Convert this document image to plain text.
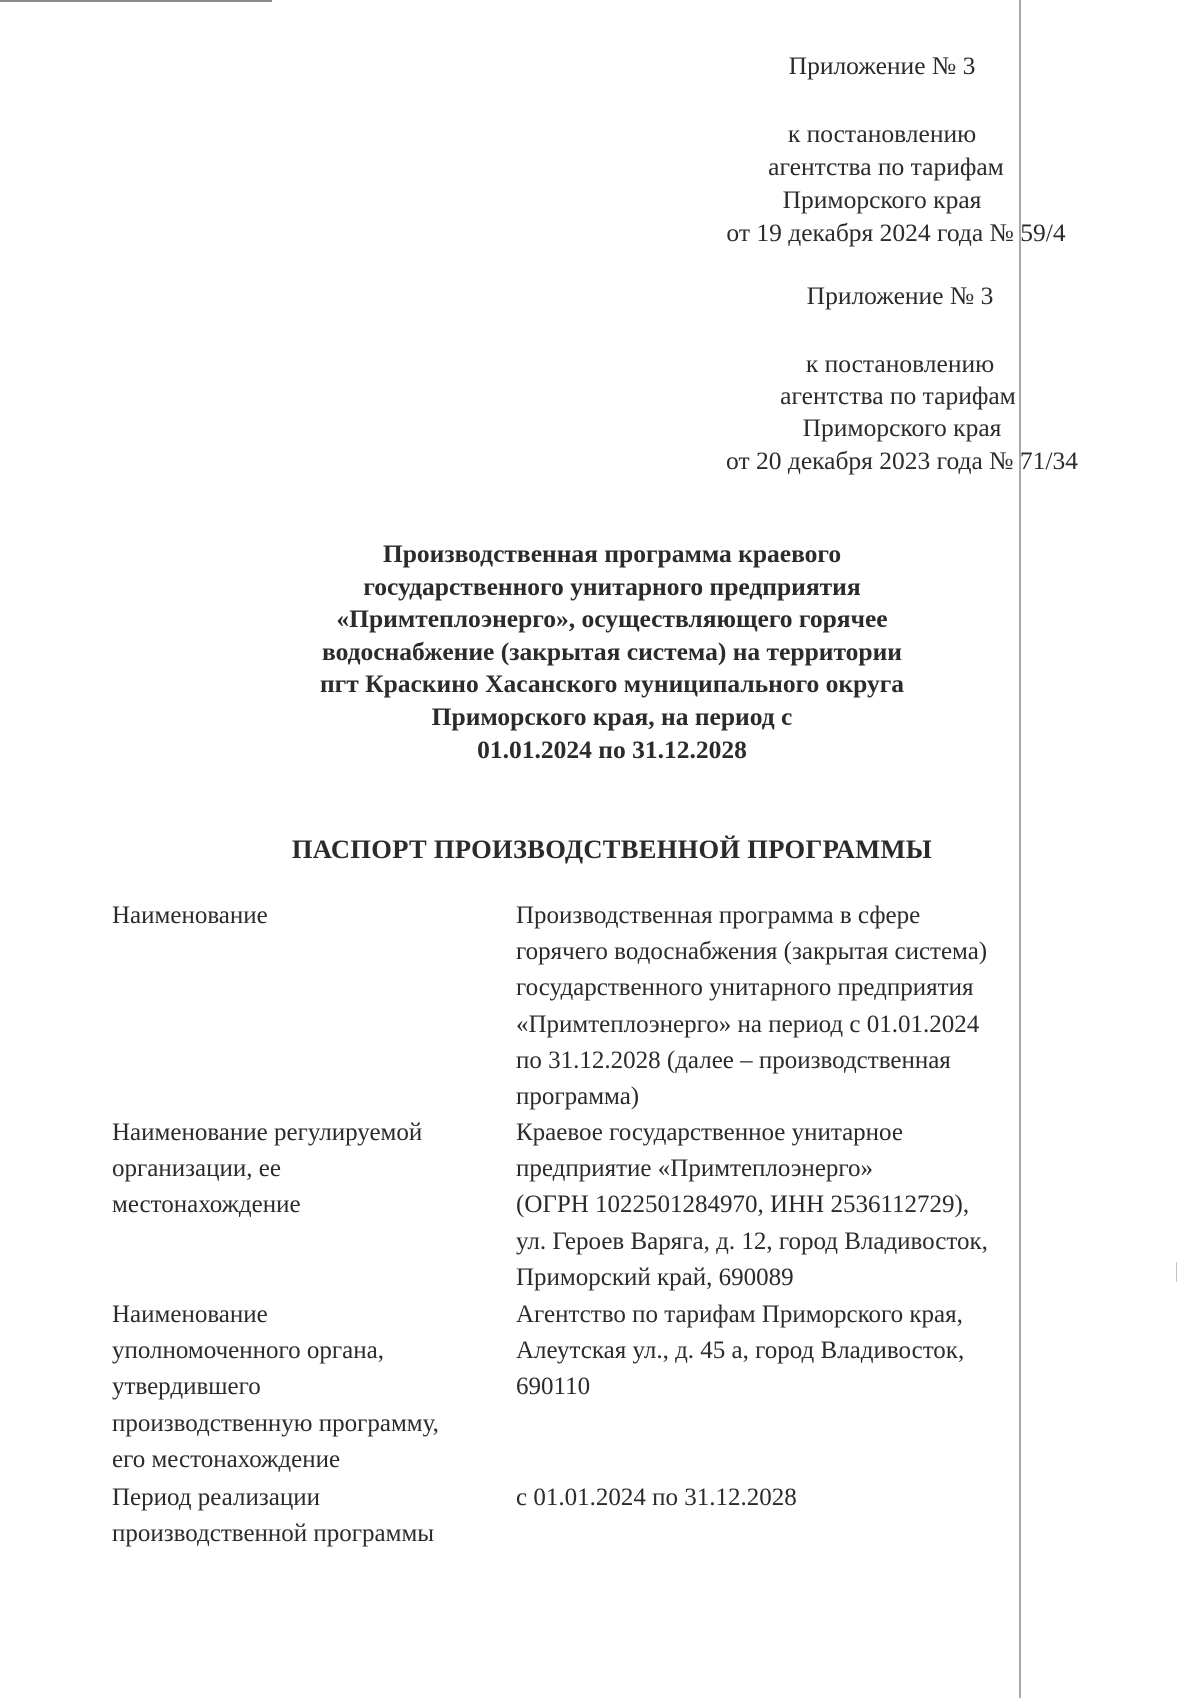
Приложение № 3
к постановлению
агентства по тарифам
Приморского края
от 19 декабря 2024 года № 59/4
Приложение № 3
к постановлению
агентства по тарифам
Приморского края
от 20 декабря 2023 года № 71/34
Производственная программа краевого
государственного унитарного предприятия
«Примтеплоэнерго», осуществляющего горячее
водоснабжение (закрытая система) на территории
пгт Краскино Хасанского муниципального округа
Приморского края, на период с
01.01.2024 по 31.12.2028
ПАСПОРТ ПРОИЗВОДСТВЕННОЙ ПРОГРАММЫ
Наименование	Производственная программа в сфере
горячего водоснабжения (закрытая система)
государственного унитарного предприятия
«Примтеплоэнерго» на период с 01.01.2024
по 31.12.2028 (далее – производственная
программа)
Наименование регулируемой
организации, ее
местонахождение
Краевое государственное унитарное
предприятие «Примтеплоэнерго»
(ОГРН 1022501284970, ИНН 2536112729),
ул. Героев Варяга, д. 12, город Владивосток,
Приморский край, 690089
Наименование
уполномоченного органа,
утвердившего
производственную программу,
его местонахождение
Агентство по тарифам Приморского края,
Алеутская ул., д. 45 а, город Владивосток,
690110
Период реализации
производственной программы
с 01.01.2024 по 31.12.2028
